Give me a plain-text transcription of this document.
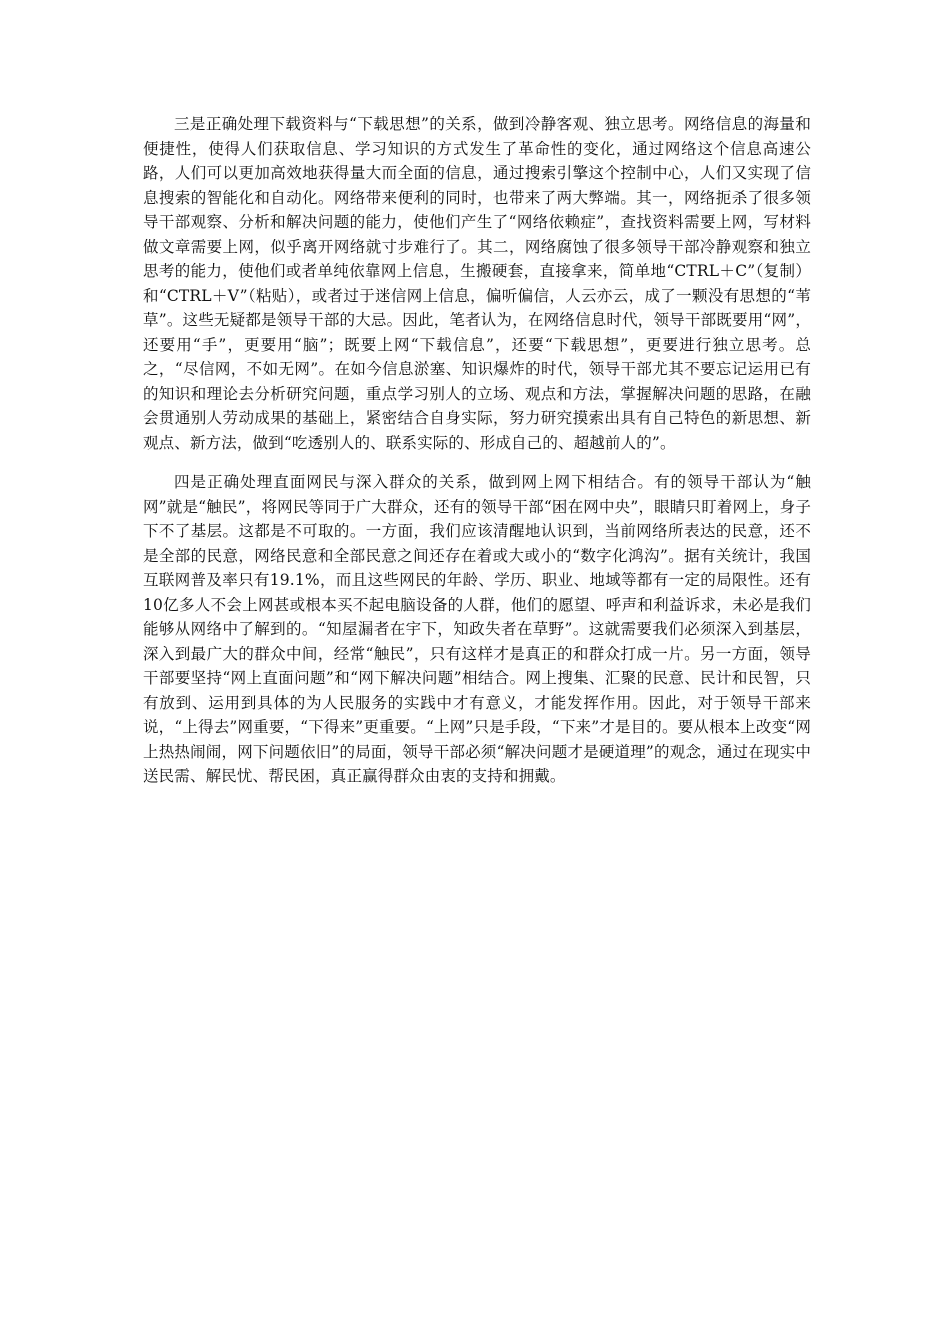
三是正确处理下载资料与“下载思想”的关系，做到冷静客观、独立思考。网络信息的海量和便捷性，使得人们获取信息、学习知识的方式发生了革命性的变化，通过网络这个信息高速公路，人们可以更加高效地获得量大而全面的信息，通过搜索引擎这个控制中心，人们又实现了信息搜索的智能化和自动化。网络带来便利的同时，也带来了两大弊端。其一，网络扼杀了很多领导干部观察、分析和解决问题的能力，使他们产生了“网络依赖症”，查找资料需要上网，写材料做文章需要上网，似乎离开网络就寸步难行了。其二，网络腐蚀了很多领导干部冷静观察和独立思考的能力，使他们或者单纯依靠网上信息，生搬硬套，直接拿来，简单地“CTRL＋C”（复制）和“CTRL＋V”（粘贴），或者过于迷信网上信息，偏听偏信，人云亦云，成了一颗没有思想的“苇草”。这些无疑都是领导干部的大忌。因此，笔者认为，在网络信息时代，领导干部既要用“网”，还要用“手”，更要用“脑”；既要上网“下载信息”，还要“下载思想”，更要进行独立思考。总之，“尽信网，不如无网”。在如今信息淤塞、知识爆炸的时代，领导干部尤其不要忘记运用已有的知识和理论去分析研究问题，重点学习别人的立场、观点和方法，掌握解决问题的思路，在融会贯通别人劳动成果的基础上，紧密结合自身实际，努力研究摸索出具有自己特色的新思想、新观点、新方法，做到“吃透别人的、联系实际的、形成自己的、超越前人的”。

四是正确处理直面网民与深入群众的关系，做到网上网下相结合。有的领导干部认为“触网”就是“触民”，将网民等同于广大群众，还有的领导干部“困在网中央”，眼睛只盯着网上，身子下不了基层。这都是不可取的。一方面，我们应该清醒地认识到，当前网络所表达的民意，还不是全部的民意，网络民意和全部民意之间还存在着或大或小的“数字化鸿沟”。据有关统计，我国互联网普及率只有19.1%，而且这些网民的年龄、学历、职业、地域等都有一定的局限性。还有10亿多人不会上网甚或根本买不起电脑设备的人群，他们的愿望、呼声和利益诉求，未必是我们能够从网络中了解到的。“知屋漏者在宇下，知政失者在草野”。这就需要我们必须深入到基层，深入到最广大的群众中间，经常“触民”，只有这样才是真正的和群众打成一片。另一方面，领导干部要坚持“网上直面问题”和“网下解决问题”相结合。网上搜集、汇聚的民意、民计和民智，只有放到、运用到具体的为人民服务的实践中才有意义，才能发挥作用。因此，对于领导干部来说，“上得去”网重要，“下得来”更重要。“上网”只是手段，“下来”才是目的。要从根本上改变“网上热热闹闹，网下问题依旧”的局面，领导干部必须“解决问题才是硬道理”的观念，通过在现实中送民需、解民忧、帮民困，真正赢得群众由衷的支持和拥戴。
